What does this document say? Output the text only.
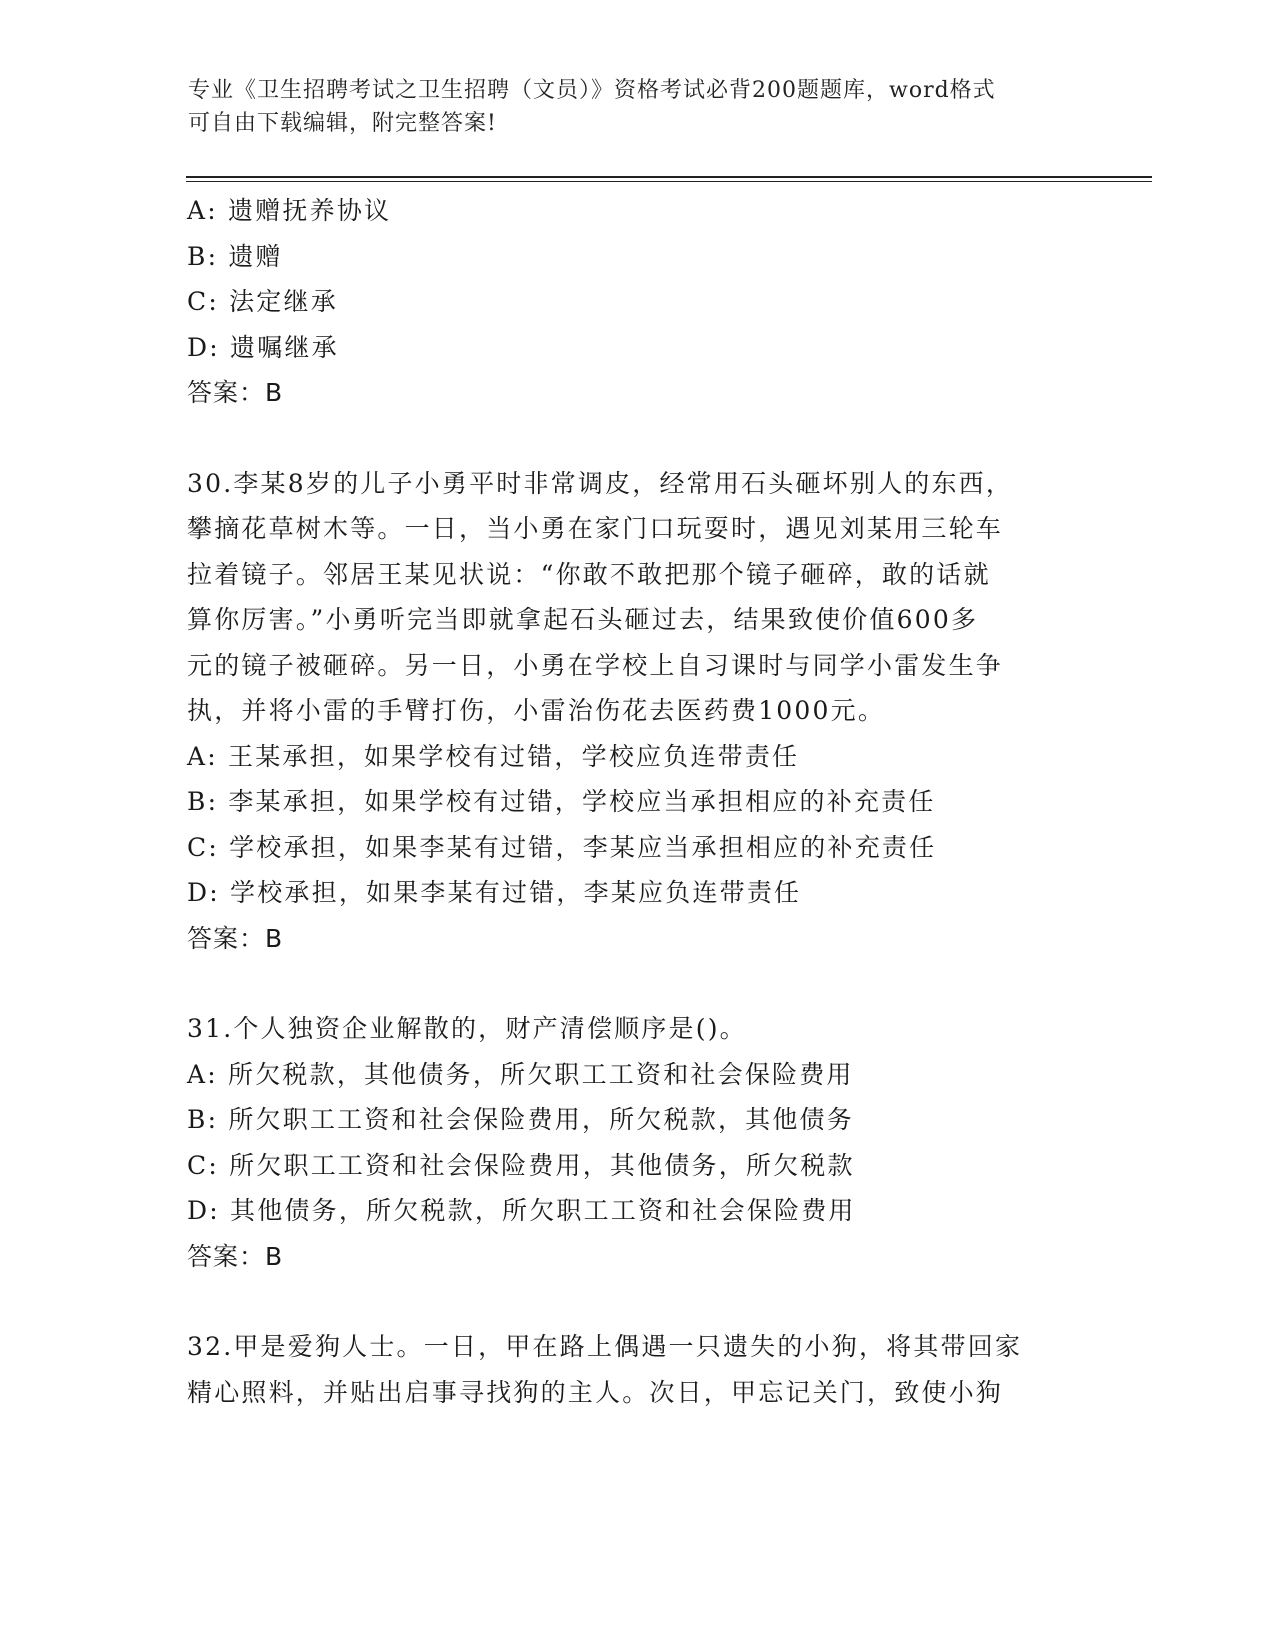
专业《卫生招聘考试之卫生招聘（文员）》资格考试必背200题题库，word格式
可自由下载编辑，附完整答案!
A: 遗赠抚养协议
B: 遗赠
C: 法定继承
D: 遗嘱继承
答案：B
30.李某8岁的儿子小勇平时非常调皮，经常用石头砸坏别人的东西，
攀摘花草树木等。一日，当小勇在家门口玩耍时，遇见刘某用三轮车
拉着镜子。邻居王某见状说：“你敢不敢把那个镜子砸碎，敢的话就
算你厉害。”小勇听完当即就拿起石头砸过去，结果致使价值600多
元的镜子被砸碎。另一日，小勇在学校上自习课时与同学小雷发生争
执，并将小雷的手臂打伤，小雷治伤花去医药费1000元。
A: 王某承担，如果学校有过错，学校应负连带责任
B: 李某承担，如果学校有过错，学校应当承担相应的补充责任
C: 学校承担，如果李某有过错，李某应当承担相应的补充责任
D: 学校承担，如果李某有过错，李某应负连带责任
答案：B
31.个人独资企业解散的，财产清偿顺序是()。
A: 所欠税款，其他债务，所欠职工工资和社会保险费用
B: 所欠职工工资和社会保险费用，所欠税款，其他债务
C: 所欠职工工资和社会保险费用，其他债务，所欠税款
D: 其他债务，所欠税款，所欠职工工资和社会保险费用
答案：B
32.甲是爱狗人士。一日，甲在路上偶遇一只遗失的小狗，将其带回家
精心照料，并贴出启事寻找狗的主人。次日，甲忘记关门，致使小狗
